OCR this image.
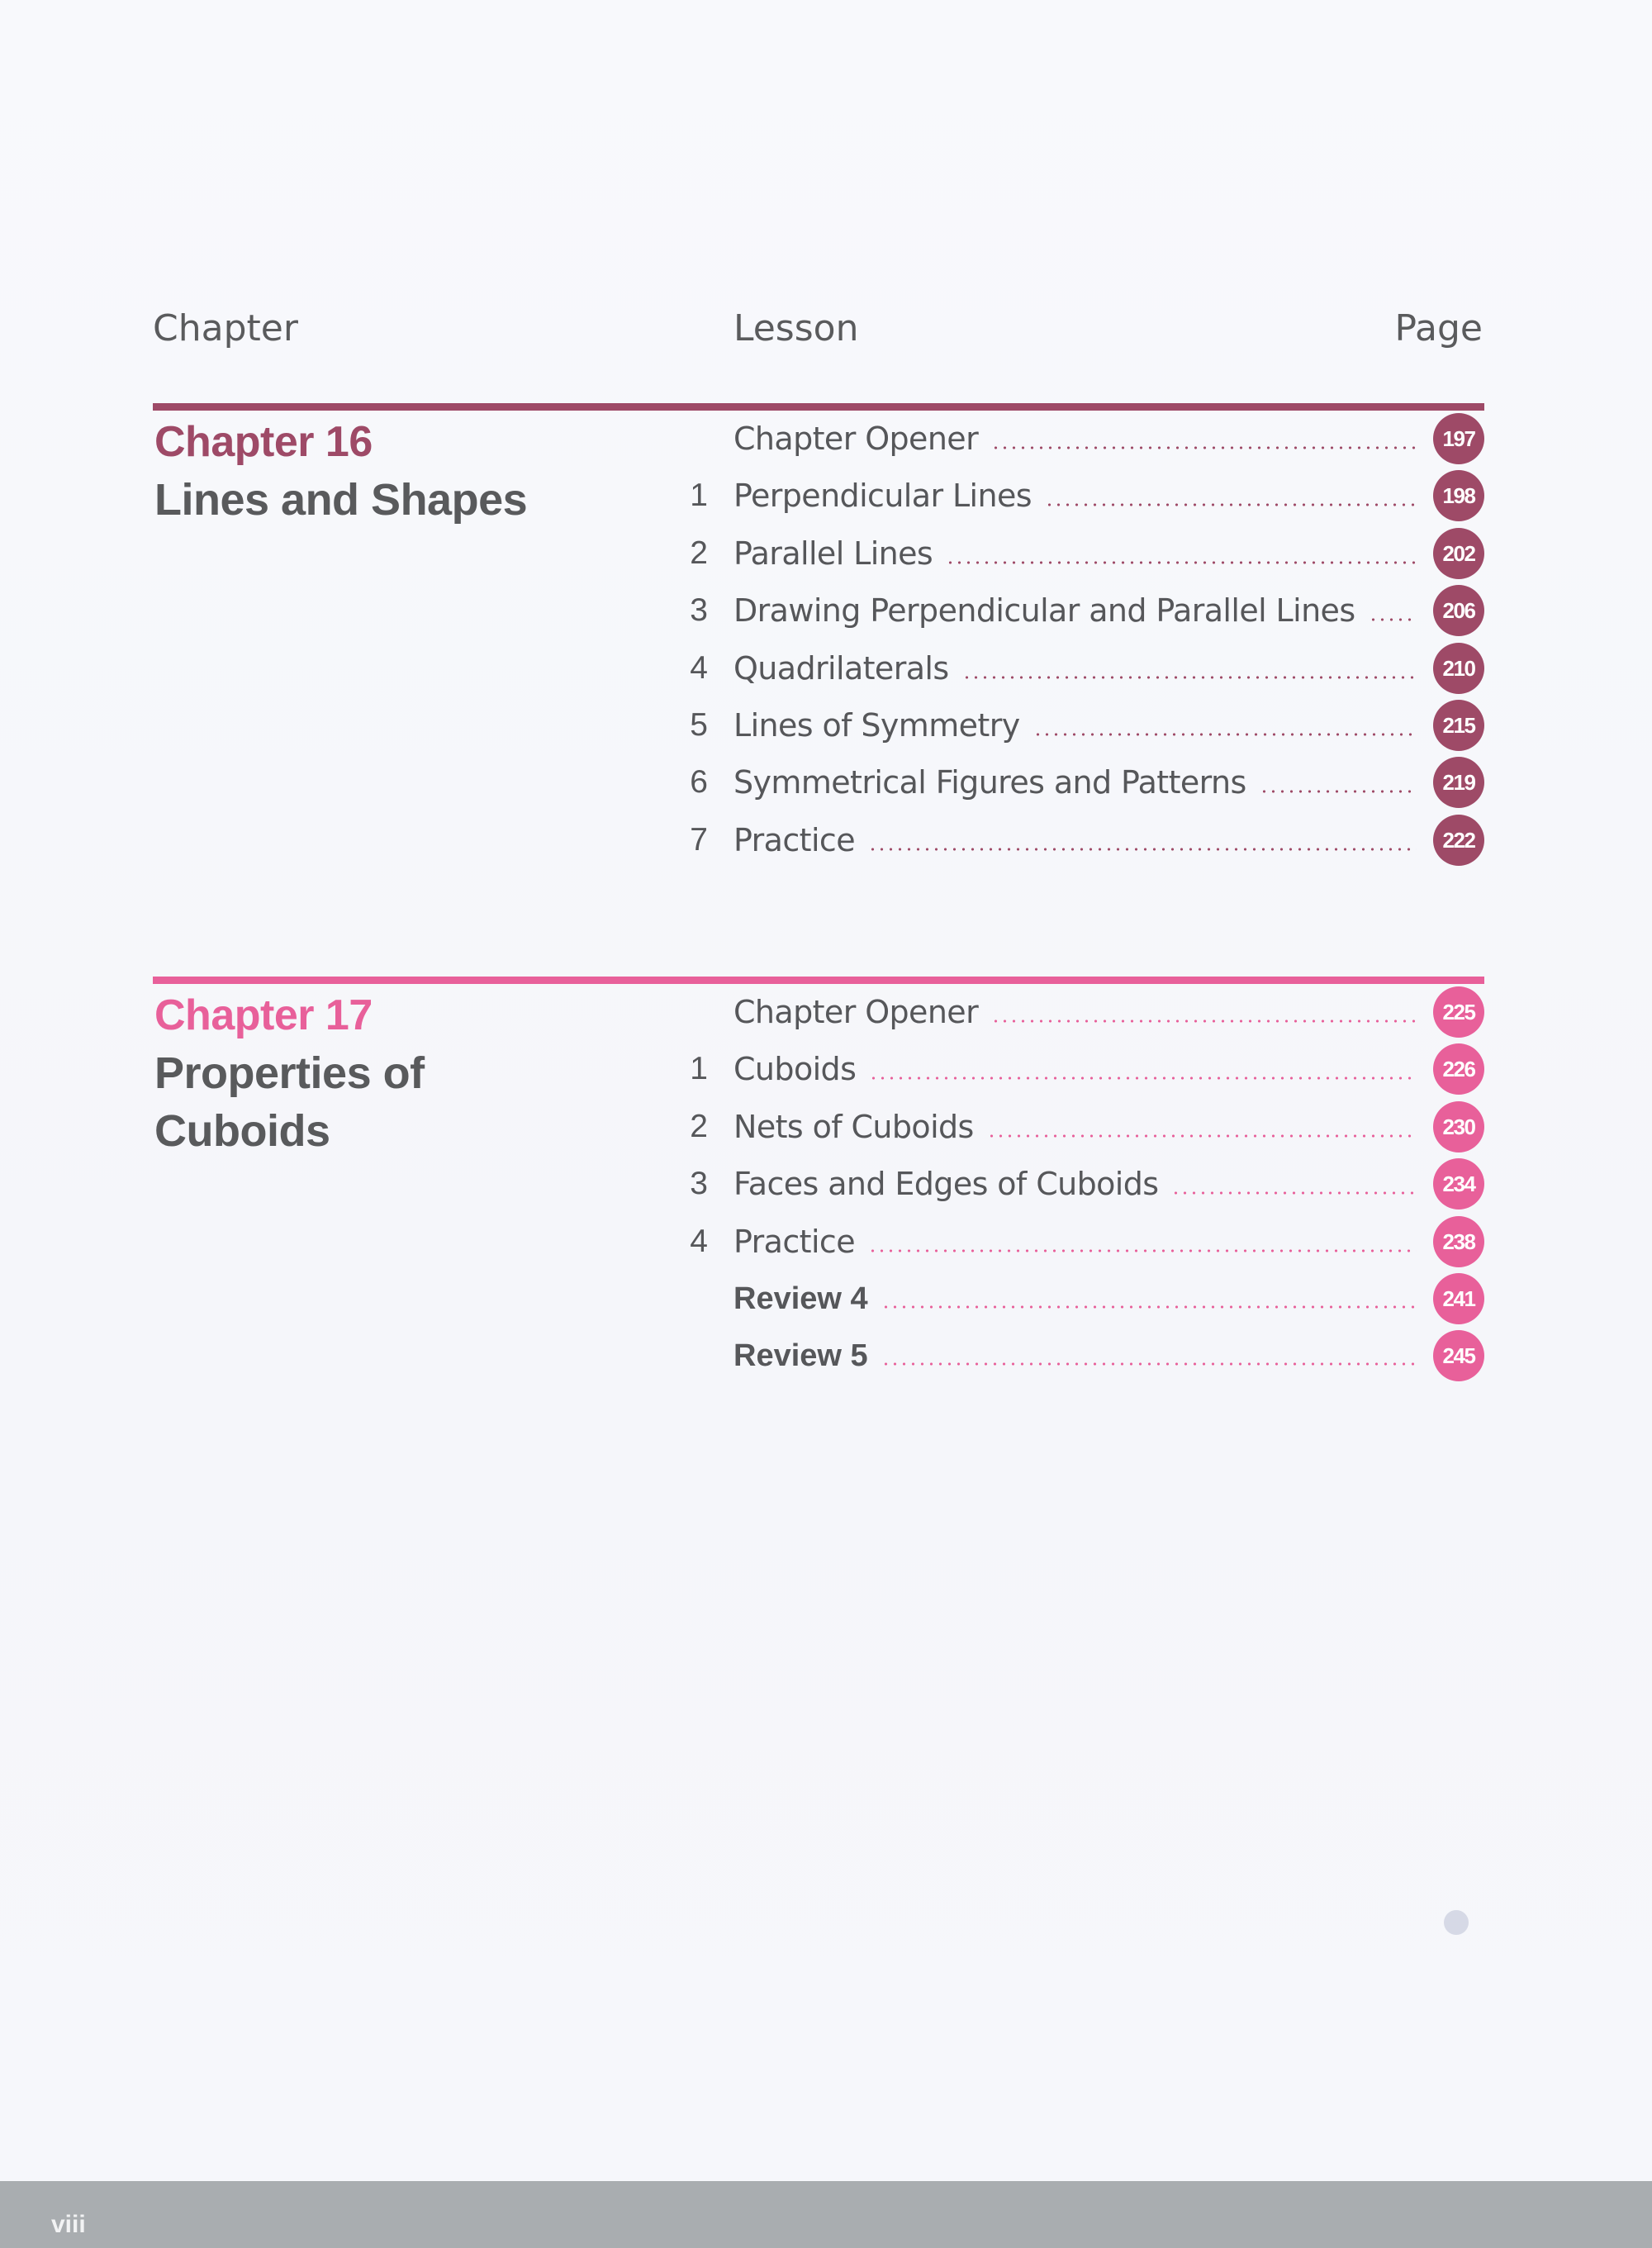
Chapter	Lesson	Page
Chapter 16
Lines and Shapes
Chapter Opener	197
1 Perpendicular Lines	198
2 Parallel Lines	202
3 Drawing Perpendicular and Parallel Lines	206
4 Quadrilaterals	210
5 Lines of Symmetry	215
6 Symmetrical Figures and Patterns	219
7 Practice	222
Chapter 17
Properties of
Cuboids
Chapter Opener	225
1 Cuboids	226
2 Nets of Cuboids	230
3 Faces and Edges of Cuboids	234
4 Practice	238
Review 4	241
Review 5	245
viii
